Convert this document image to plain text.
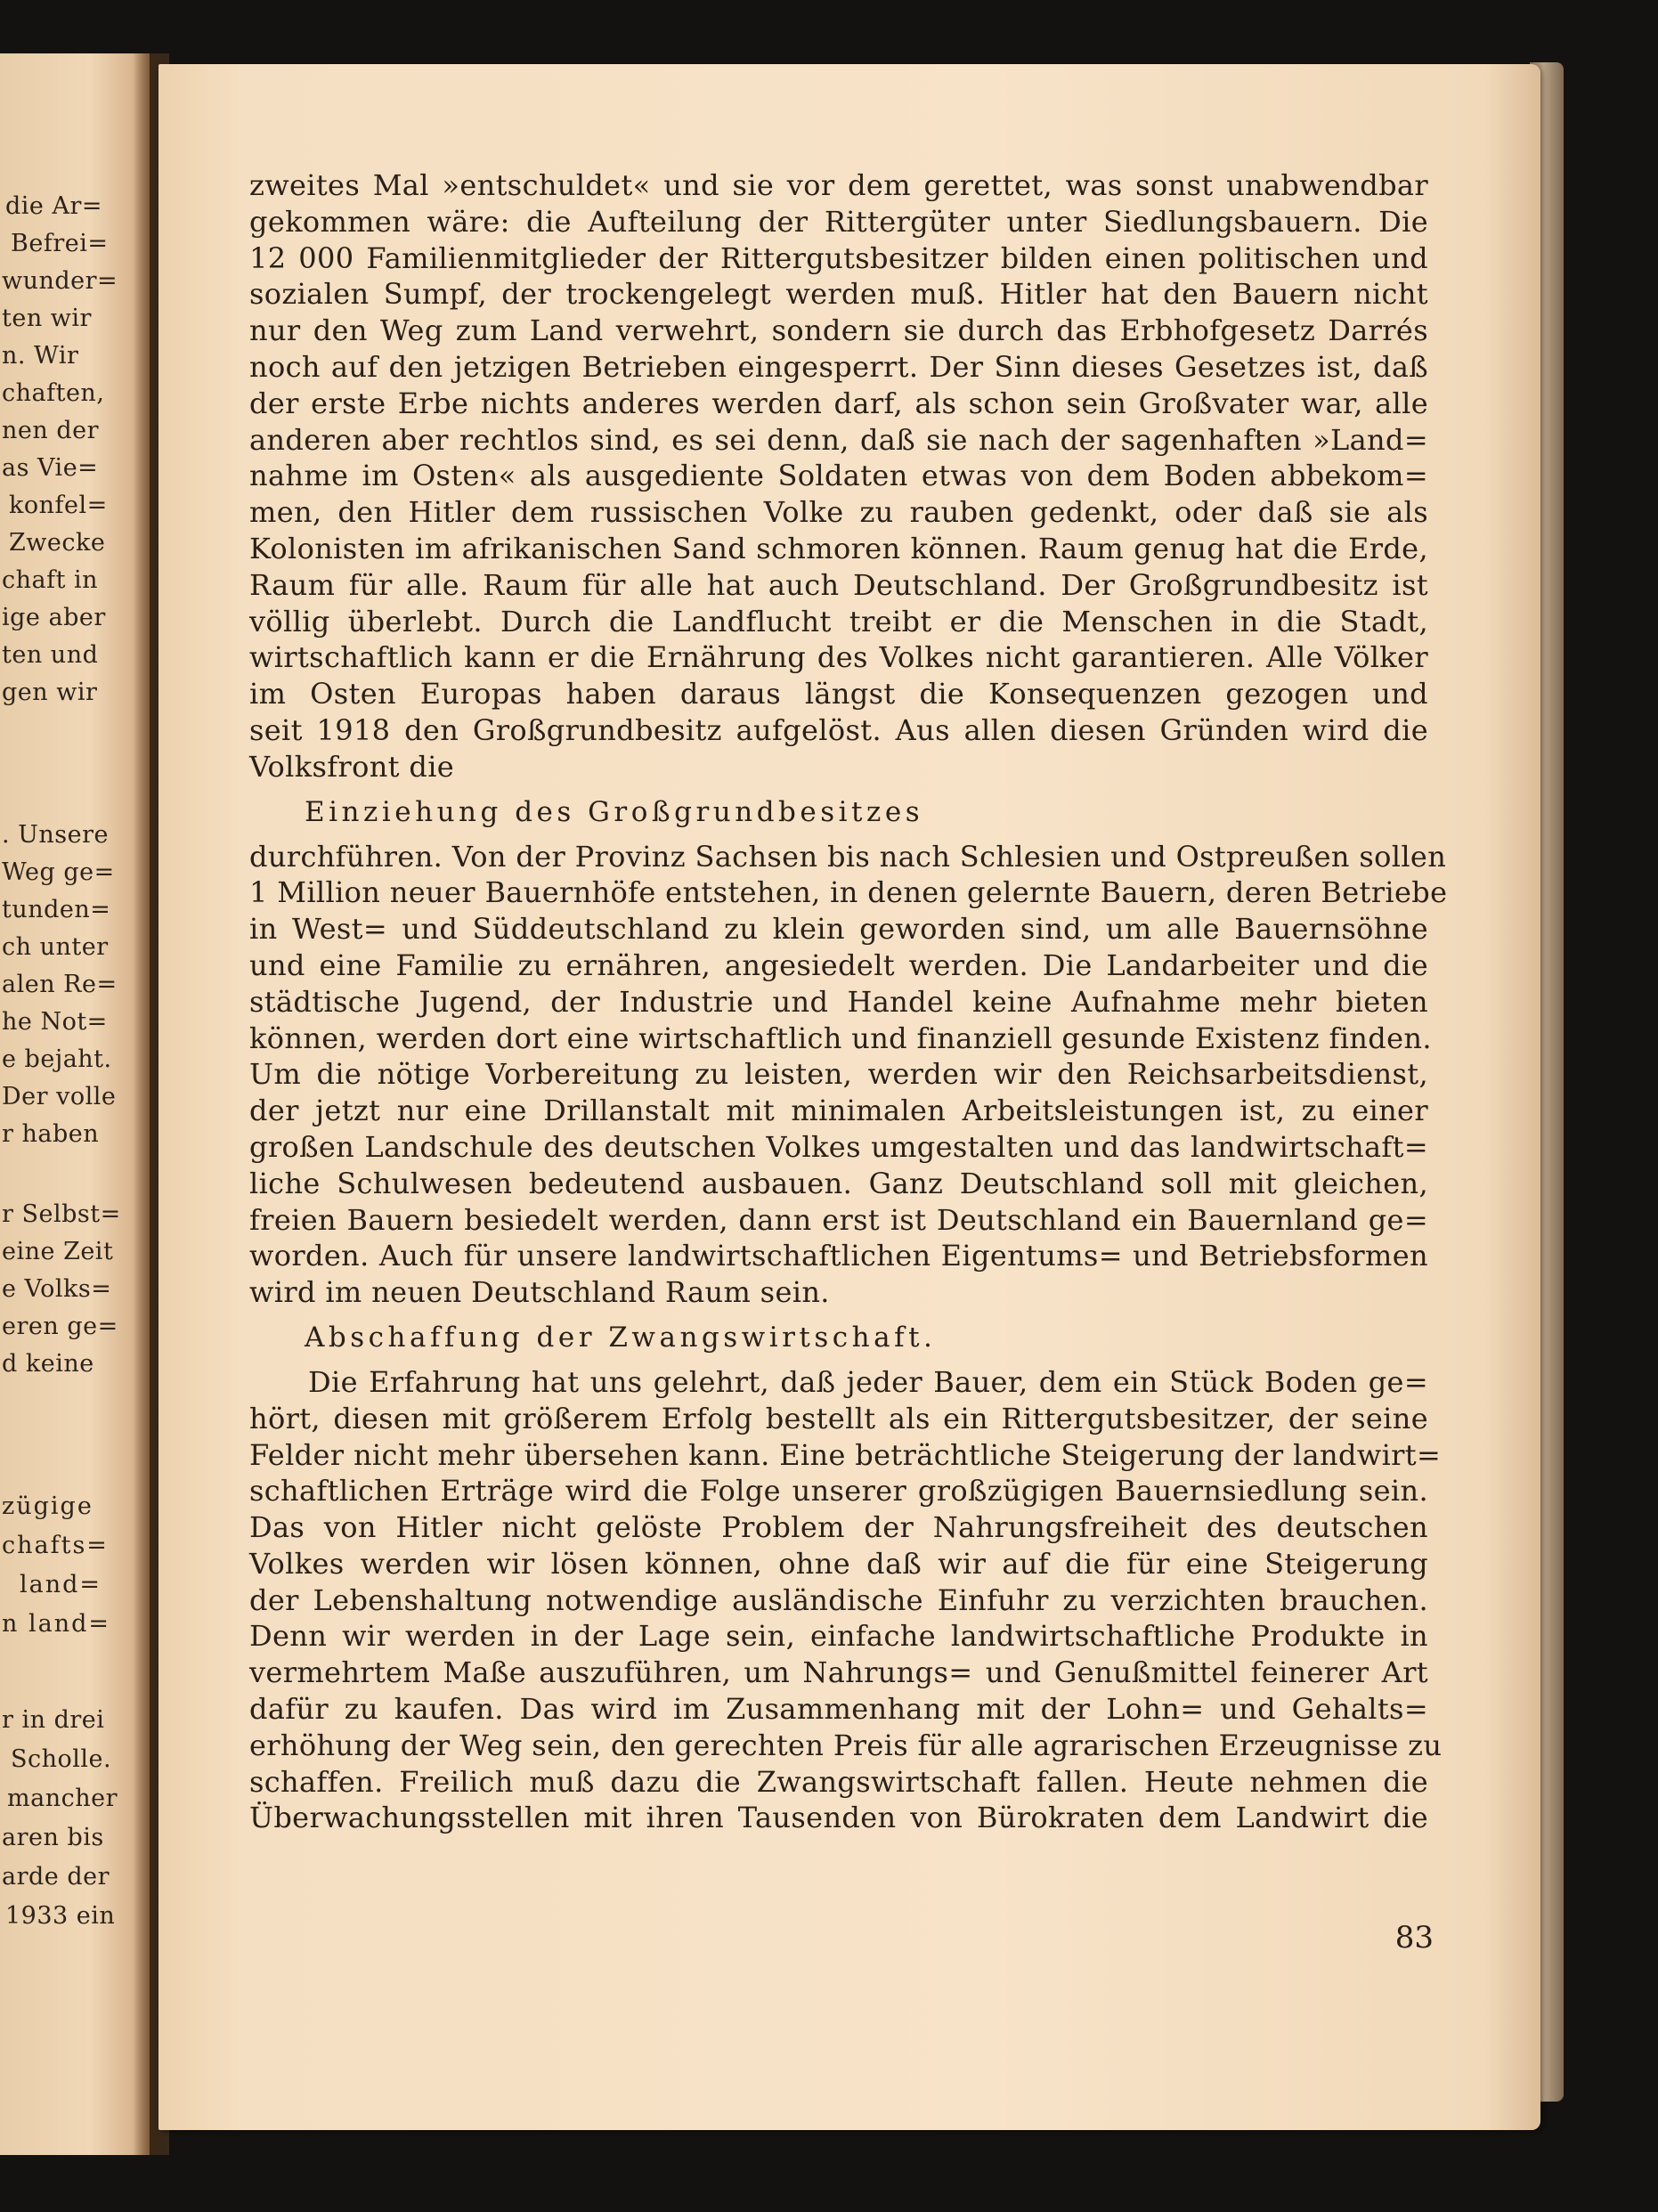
die Ar=
Befrei=
wunder=
ten wir
n. Wir
chaften,
nen der
as Vie=
konfel=
Zwecke
chaft in
ige aber
ten und
gen wir
. Unsere
Weg ge=
tunden=
ch unter
alen Re=
he Not=
e bejaht.
Der volle
r haben
r Selbst=
eine Zeit
e Volks=
eren ge=
d keine
zügige
chafts=
land=
n land=
r in drei
Scholle.
mancher
aren bis
arde der
1933 ein
zweites Mal »entschuldet« und sie vor dem gerettet, was sonst unabwendbar
gekommen wäre: die Aufteilung der Rittergüter unter Siedlungsbauern. Die
12 000 Familienmitglieder der Rittergutsbesitzer bilden einen politischen und
sozialen Sumpf, der trockengelegt werden muß. Hitler hat den Bauern nicht
nur den Weg zum Land verwehrt, sondern sie durch das Erbhofgesetz Darrés
noch auf den jetzigen Betrieben eingesperrt. Der Sinn dieses Gesetzes ist, daß
der erste Erbe nichts anderes werden darf, als schon sein Großvater war, alle
anderen aber rechtlos sind, es sei denn, daß sie nach der sagenhaften »Land=
nahme im Osten« als ausgediente Soldaten etwas von dem Boden abbekom=
men, den Hitler dem russischen Volke zu rauben gedenkt, oder daß sie als
Kolonisten im afrikanischen Sand schmoren können. Raum genug hat die Erde,
Raum für alle. Raum für alle hat auch Deutschland. Der Großgrundbesitz ist
völlig überlebt. Durch die Landflucht treibt er die Menschen in die Stadt,
wirtschaftlich kann er die Ernährung des Volkes nicht garantieren. Alle Völker
im Osten Europas haben daraus längst die Konsequenzen gezogen und
seit 1918 den Großgrundbesitz aufgelöst. Aus allen diesen Gründen wird die
Volksfront die
Einziehung des Großgrundbesitzes
durchführen. Von der Provinz Sachsen bis nach Schlesien und Ostpreußen sollen
1 Million neuer Bauernhöfe entstehen, in denen gelernte Bauern, deren Betriebe
in West= und Süddeutschland zu klein geworden sind, um alle Bauernsöhne
und eine Familie zu ernähren, angesiedelt werden. Die Landarbeiter und die
städtische Jugend, der Industrie und Handel keine Aufnahme mehr bieten
können, werden dort eine wirtschaftlich und finanziell gesunde Existenz finden.
Um die nötige Vorbereitung zu leisten, werden wir den Reichsarbeitsdienst,
der jetzt nur eine Drillanstalt mit minimalen Arbeitsleistungen ist, zu einer
großen Landschule des deutschen Volkes umgestalten und das landwirtschaft=
liche Schulwesen bedeutend ausbauen. Ganz Deutschland soll mit gleichen,
freien Bauern besiedelt werden, dann erst ist Deutschland ein Bauernland ge=
worden. Auch für unsere landwirtschaftlichen Eigentums= und Betriebsformen
wird im neuen Deutschland Raum sein.
Abschaffung der Zwangswirtschaft.
Die Erfahrung hat uns gelehrt, daß jeder Bauer, dem ein Stück Boden ge=
hört, diesen mit größerem Erfolg bestellt als ein Rittergutsbesitzer, der seine
Felder nicht mehr übersehen kann. Eine beträchtliche Steigerung der landwirt=
schaftlichen Erträge wird die Folge unserer großzügigen Bauernsiedlung sein.
Das von Hitler nicht gelöste Problem der Nahrungsfreiheit des deutschen
Volkes werden wir lösen können, ohne daß wir auf die für eine Steigerung
der Lebenshaltung notwendige ausländische Einfuhr zu verzichten brauchen.
Denn wir werden in der Lage sein, einfache landwirtschaftliche Produkte in
vermehrtem Maße auszuführen, um Nahrungs= und Genußmittel feinerer Art
dafür zu kaufen. Das wird im Zusammenhang mit der Lohn= und Gehalts=
erhöhung der Weg sein, den gerechten Preis für alle agrarischen Erzeugnisse zu
schaffen. Freilich muß dazu die Zwangswirtschaft fallen. Heute nehmen die
Überwachungsstellen mit ihren Tausenden von Bürokraten dem Landwirt die
83
